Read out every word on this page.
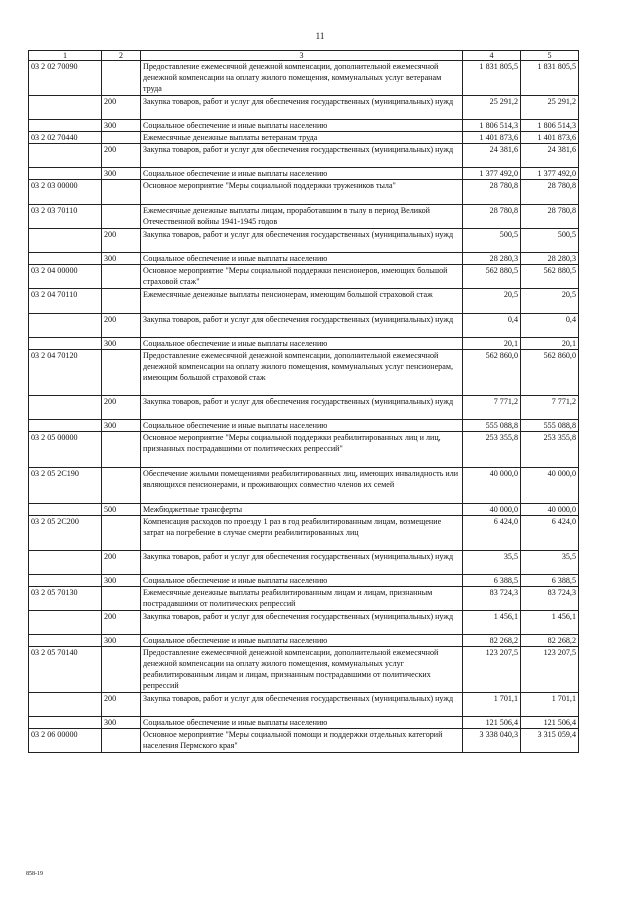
11
1	2	3	4	5
03 2 02 70090		Предоставление ежемесячной денежной компенсации, дополнительной ежемесячной денежной компенсации на оплату жилого помещения, коммунальных услуг ветеранам труда	1 831 805,5	1 831 805,5
	200	Закупка товаров, работ и услуг для обеспечения государственных (муниципальных) нужд	25 291,2	25 291,2
	300	Социальное обеспечение и иные выплаты населению	1 806 514,3	1 806 514,3
03 2 02 70440		Ежемесячные денежные выплаты ветеранам труда	1 401 873,6	1 401 873,6
	200	Закупка товаров, работ и услуг для обеспечения государственных (муниципальных) нужд	24 381,6	24 381,6
	300	Социальное обеспечение и иные выплаты населению	1 377 492,0	1 377 492,0
03 2 03 00000		Основное мероприятие "Меры социальной поддержки тружеников тыла"	28 780,8	28 780,8
03 2 03 70110		Ежемесячные денежные выплаты лицам, проработавшим в тылу в период Великой Отечественной войны 1941-1945 годов	28 780,8	28 780,8
	200	Закупка товаров, работ и услуг для обеспечения государственных (муниципальных) нужд	500,5	500,5
	300	Социальное обеспечение и иные выплаты населению	28 280,3	28 280,3
03 2 04 00000		Основное мероприятие "Меры социальной поддержки пенсионеров, имеющих большой страховой стаж"	562 880,5	562 880,5
03 2 04 70110		Ежемесячные денежные выплаты пенсионерам, имеющим большой страховой стаж	20,5	20,5
	200	Закупка товаров, работ и услуг для обеспечения государственных (муниципальных) нужд	0,4	0,4
	300	Социальное обеспечение и иные выплаты населению	20,1	20,1
03 2 04 70120		Предоставление ежемесячной денежной компенсации, дополнительной ежемесячной денежной компенсации на оплату жилого помещения, коммунальных услуг пенсионерам, имеющим большой страховой стаж	562 860,0	562 860,0
	200	Закупка товаров, работ и услуг для обеспечения государственных (муниципальных) нужд	7 771,2	7 771,2
	300	Социальное обеспечение и иные выплаты населению	555 088,8	555 088,8
03 2 05 00000		Основное мероприятие "Меры социальной поддержки реабилитированных лиц и лиц, признанных пострадавшими от политических репрессий"	253 355,8	253 355,8
03 2 05 2С190		Обеспечение жилыми помещениями реабилитированных лиц, имеющих инвалидность или являющихся пенсионерами, и проживающих совместно членов их семей	40 000,0	40 000,0
	500	Межбюджетные трансферты	40 000,0	40 000,0
03 2 05 2С200		Компенсация расходов по проезду 1 раз в год реабилитированным лицам, возмещение затрат на погребение в случае смерти реабилитированных лиц	6 424,0	6 424,0
	200	Закупка товаров, работ и услуг для обеспечения государственных (муниципальных) нужд	35,5	35,5
	300	Социальное обеспечение и иные выплаты населению	6 388,5	6 388,5
03 2 05 70130		Ежемесячные денежные выплаты реабилитированным лицам и лицам, признанным пострадавшими от политических репрессий	83 724,3	83 724,3
	200	Закупка товаров, работ и услуг для обеспечения государственных (муниципальных) нужд	1 456,1	1 456,1
	300	Социальное обеспечение и иные выплаты населению	82 268,2	82 268,2
03 2 05 70140		Предоставление ежемесячной денежной компенсации, дополнительной ежемесячной денежной компенсации на оплату жилого помещения, коммунальных услуг реабилитированным лицам и лицам, признанным пострадавшими от политических репрессий	123 207,5	123 207,5
	200	Закупка товаров, работ и услуг для обеспечения государственных (муниципальных) нужд	1 701,1	1 701,1
	300	Социальное обеспечение и иные выплаты населению	121 506,4	121 506,4
03 2 06 00000		Основное мероприятие "Меры социальной помощи и поддержки отдельных категорий населения Пермского края"	3 338 040,3	3 315 059,4
858-19
